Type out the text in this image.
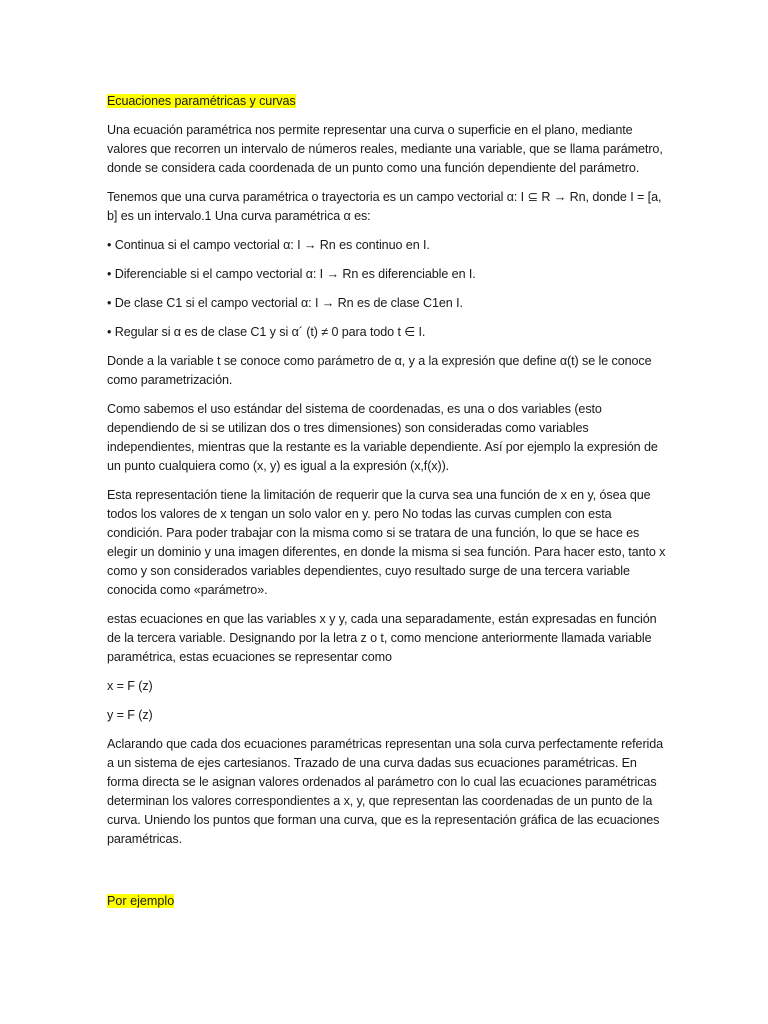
Ecuaciones paramétricas y curvas

Una ecuación paramétrica nos permite representar una curva o superficie en el plano, mediante valores que recorren un intervalo de números reales, mediante una variable, que se llama parámetro, donde se considera cada coordenada de un punto como una función dependiente del parámetro.

Tenemos que una curva paramétrica o trayectoria es un campo vectorial α: I ⊆ R → Rn, donde I = [a, b] es un intervalo.1 Una curva paramétrica α es:

• Continua si el campo vectorial α: I → Rn es continuo en I.

• Diferenciable si el campo vectorial α: I → Rn es diferenciable en I.

• De clase C1 si el campo vectorial α: I → Rn es de clase C1en I.

• Regular si α es de clase C1 y si α´ (t) ≠ 0 para todo t ∈ I.

Donde a la variable t se conoce como parámetro de α, y a la expresión que define α(t) se le conoce como parametrización.

Como sabemos el uso estándar del sistema de coordenadas, es una o dos variables (esto dependiendo de si se utilizan dos o tres dimensiones) son consideradas como variables independientes, mientras que la restante es la variable dependiente. Así por ejemplo la expresión de un punto cualquiera como (x, y) es igual a la expresión (x,f(x)).

Esta representación tiene la limitación de requerir que la curva sea una función de x en y, ósea que todos los valores de x tengan un solo valor en y. pero No todas las curvas cumplen con esta condición. Para poder trabajar con la misma como si se tratara de una función, lo que se hace es elegir un dominio y una imagen diferentes, en donde la misma si sea función. Para hacer esto, tanto x como y son considerados variables dependientes, cuyo resultado surge de una tercera variable conocida como «parámetro».

estas ecuaciones en que las variables x y y, cada una separadamente, están expresadas en función de la tercera variable. Designando por la letra z o t, como mencione anteriormente llamada variable paramétrica, estas ecuaciones se representar como

x = F (z)

y = F (z)

Aclarando que cada dos ecuaciones paramétricas representan una sola curva perfectamente referida a un sistema de ejes cartesianos. Trazado de una curva dadas sus ecuaciones paramétricas. En forma directa se le asignan valores ordenados al parámetro con lo cual las ecuaciones paramétricas determinan los valores correspondientes a x, y, que representan las coordenadas de un punto de la curva. Uniendo los puntos que forman una curva, que es la representación gráfica de las ecuaciones paramétricas.

Por ejemplo
